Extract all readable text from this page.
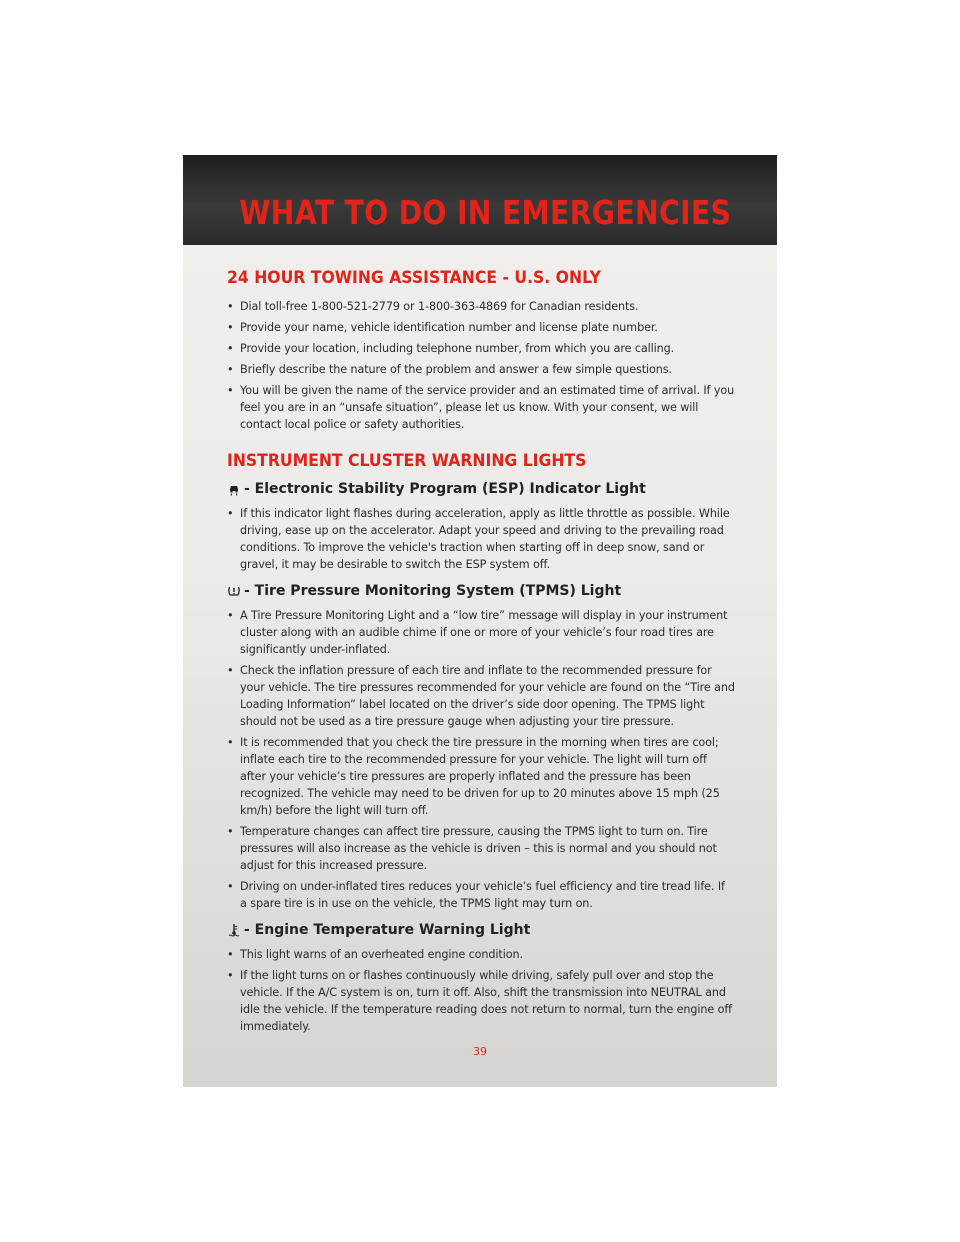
WHAT TO DO IN EMERGENCIES
24 HOUR TOWING ASSISTANCE - U.S. ONLY
• Dial toll-free 1-800-521-2779 or 1-800-363-4869 for Canadian residents.
• Provide your name, vehicle identification number and license plate number.
• Provide your location, including telephone number, from which you are calling.
• Briefly describe the nature of the problem and answer a few simple questions.
• You will be given the name of the service provider and an estimated time of arrival. If you feel you are in an “unsafe situation”, please let us know. With your consent, we will contact local police or safety authorities.
INSTRUMENT CLUSTER WARNING LIGHTS
- Electronic Stability Program (ESP) Indicator Light
• If this indicator light flashes during acceleration, apply as little throttle as possible. While driving, ease up on the accelerator. Adapt your speed and driving to the prevailing road conditions. To improve the vehicle's traction when starting off in deep snow, sand or gravel, it may be desirable to switch the ESP system off.
- Tire Pressure Monitoring System (TPMS) Light
• A Tire Pressure Monitoring Light and a “low tire” message will display in your instrument cluster along with an audible chime if one or more of your vehicle’s four road tires are significantly under-inflated.
• Check the inflation pressure of each tire and inflate to the recommended pressure for your vehicle. The tire pressures recommended for your vehicle are found on the “Tire and Loading Information” label located on the driver’s side door opening. The TPMS light should not be used as a tire pressure gauge when adjusting your tire pressure.
• It is recommended that you check the tire pressure in the morning when tires are cool; inflate each tire to the recommended pressure for your vehicle. The light will turn off after your vehicle’s tire pressures are properly inflated and the pressure has been recognized. The vehicle may need to be driven for up to 20 minutes above 15 mph (25 km/h) before the light will turn off.
• Temperature changes can affect tire pressure, causing the TPMS light to turn on. Tire pressures will also increase as the vehicle is driven – this is normal and you should not adjust for this increased pressure.
• Driving on under-inflated tires reduces your vehicle’s fuel efficiency and tire tread life. If a spare tire is in use on the vehicle, the TPMS light may turn on.
- Engine Temperature Warning Light
• This light warns of an overheated engine condition.
• If the light turns on or flashes continuously while driving, safely pull over and stop the vehicle. If the A/C system is on, turn it off. Also, shift the transmission into NEUTRAL and idle the vehicle. If the temperature reading does not return to normal, turn the engine off immediately.
39
